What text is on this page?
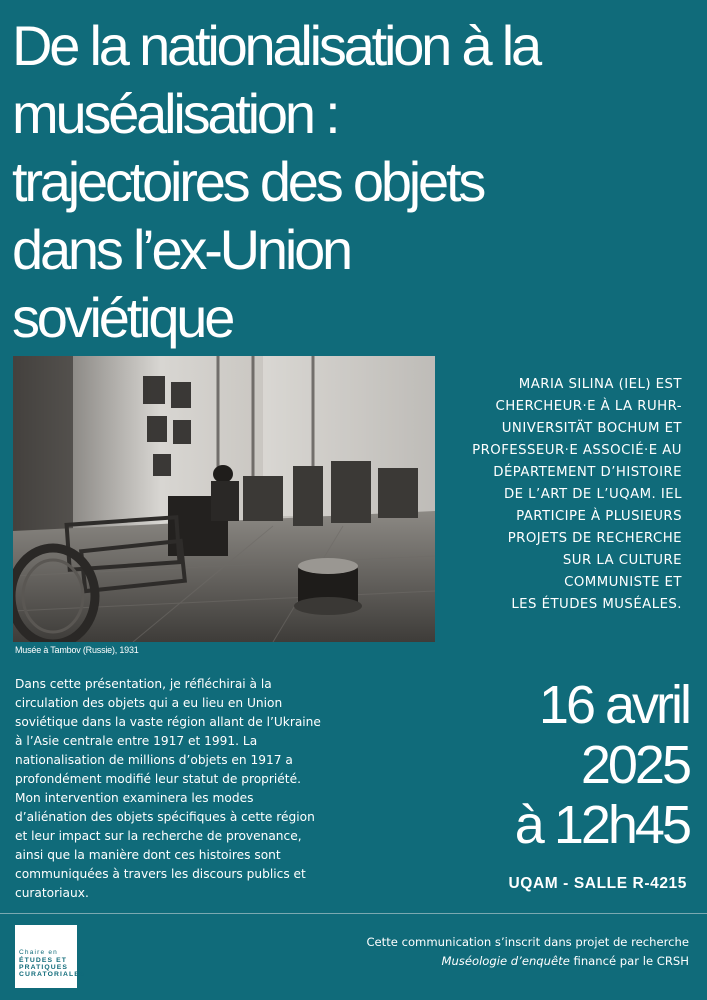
De la nationalisation à la
muséalisation :
trajectoires des objets
dans l’ex-Union
soviétique
Musée à Tambov (Russie), 1931
MARIA SILINA (IEL) EST
CHERCHEUR·E À LA RUHR-
UNIVERSITÄT BOCHUM ET
PROFESSEUR·E ASSOCIÉ·E AU
DÉPARTEMENT D’HISTOIRE
DE L’ART DE L’UQAM. IEL
PARTICIPE À PLUSIEURS
PROJETS DE RECHERCHE
SUR LA CULTURE
COMMUNISTE ET
LES ÉTUDES MUSÉALES.
Dans cette présentation, je réfléchirai à la
circulation des objets qui a eu lieu en Union
soviétique dans la vaste région allant de l’Ukraine
à l’Asie centrale entre 1917 et 1991. La
nationalisation de millions d’objets en 1917 a
profondément modifié leur statut de propriété.
Mon intervention examinera les modes
d’aliénation des objets spécifiques à cette région
et leur impact sur la recherche de provenance,
ainsi que la manière dont ces histoires sont
communiquées à travers les discours publics et
curatoriaux.
16 avril
2025
à 12h45
UQAM - SALLE R-4215
Chaire en
ÉTUDES ET
PRATIQUES
CURATORIALES
Cette communication s’inscrit dans projet de recherche
Muséologie d’enquête financé par le CRSH
